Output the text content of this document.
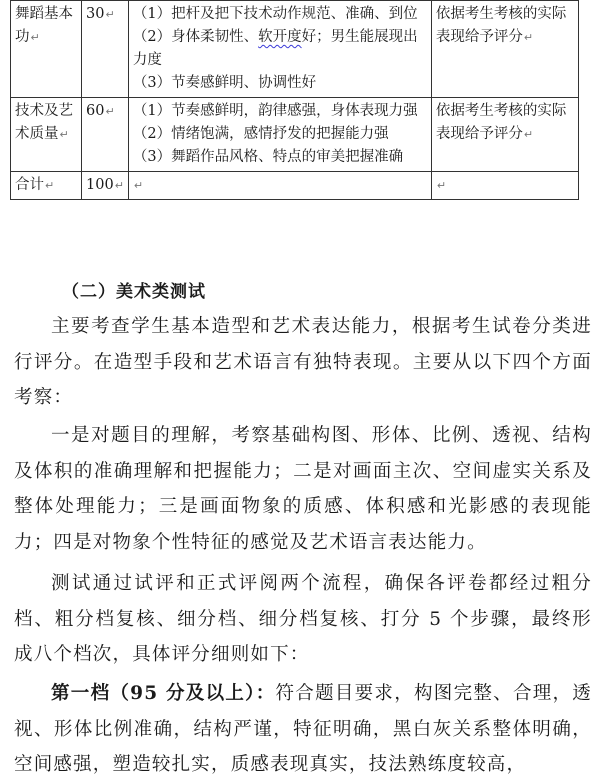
舞蹈基本功↵	30↵	（1）把杆及把下技术动作规范、准确、到位
（2）身体柔韧性、软开度好；男生能展现出力度
（3）节奏感鲜明、协调性好	依据考生考核的实际表现给予评分↵
技术及艺术质量↵	60↵	（1）节奏感鲜明，韵律感强，身体表现力强
（2）情绪饱满，感情抒发的把握能力强
（3）舞蹈作品风格、特点的审美把握准确	依据考生考核的实际表现给予评分↵
合计↵	100↵	↵	↵
（二）美术类测试

主要考查学生基本造型和艺术表达能力，根据考生试卷分类进行评分。在造型手段和艺术语言有独特表现。主要从以下四个方面考察：

一是对题目的理解，考察基础构图、形体、比例、透视、结构及体积的准确理解和把握能力；二是对画面主次、空间虚实关系及整体处理能力；三是画面物象的质感、体积感和光影感的表现能力；四是对物象个性特征的感觉及艺术语言表达能力。

测试通过试评和正式评阅两个流程，确保各评卷都经过粗分档、粗分档复核、细分档、细分档复核、打分 5 个步骤，最终形成八个档次，具体评分细则如下：

第一档（95 分及以上）：符合题目要求，构图完整、合理，透视、形体比例准确，结构严谨，特征明确，黑白灰关系整体明确，空间感强，塑造较扎实，质感表现真实，技法熟练度较高，
